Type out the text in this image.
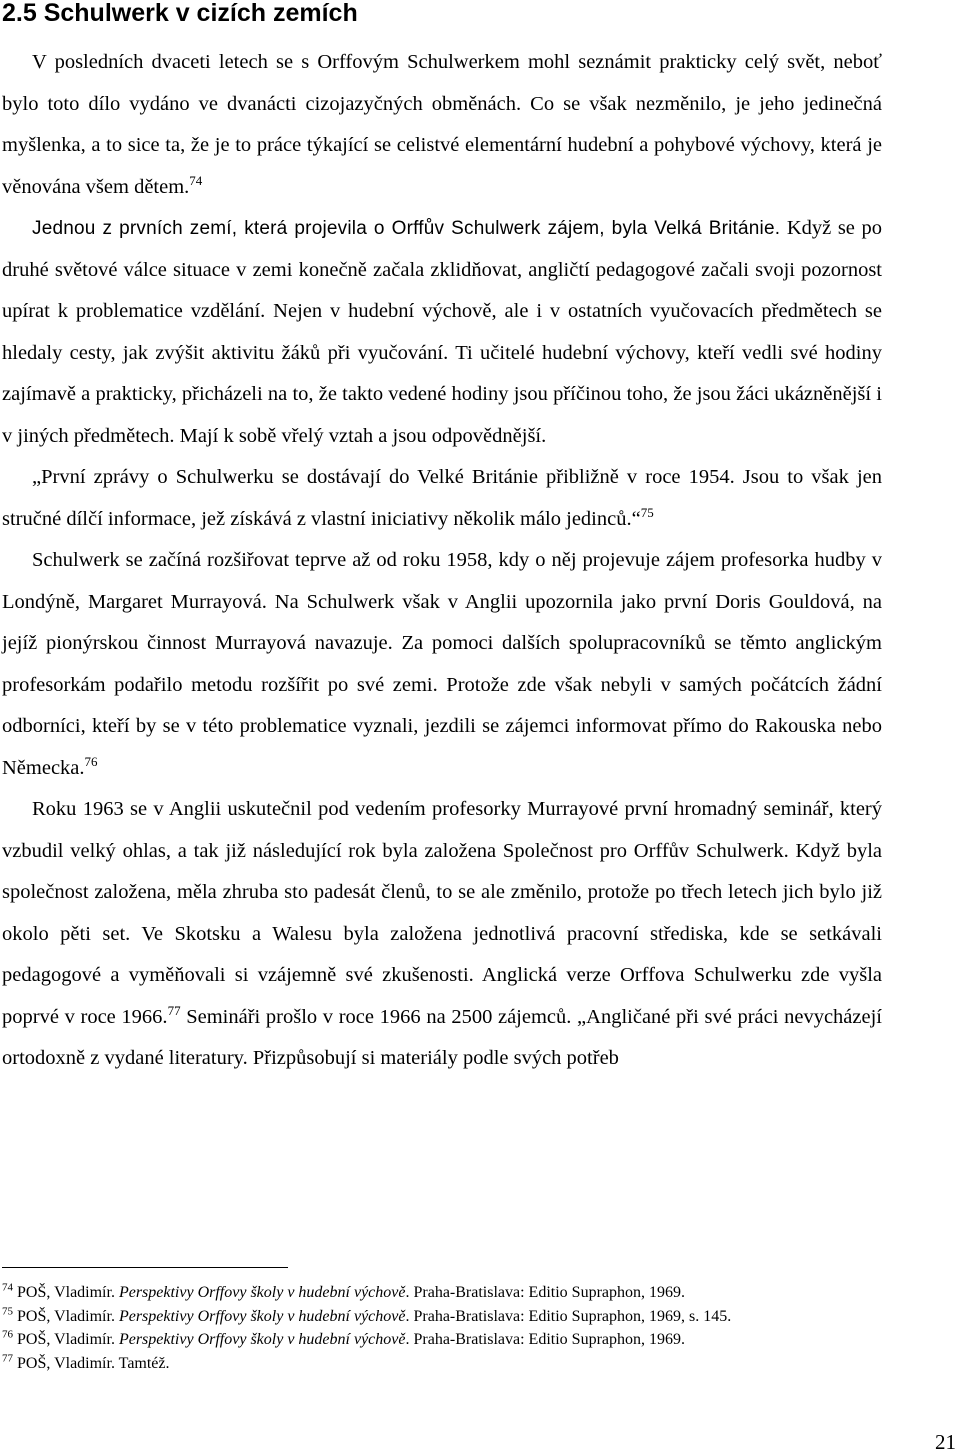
2.5 Schulwerk v cizích zemích

V posledních dvaceti letech se s Orffovým Schulwerkem mohl seznámit prakticky celý svět, neboť bylo toto dílo vydáno ve dvanácti cizojazyčných obměnách. Co se však nezměnilo, je jeho jedinečná myšlenka, a to sice ta, že je to práce týkající se celistvé elementární hudební a pohybové výchovy, která je věnována všem dětem.$^{74}$

Jednou z prvních zemí, která projevila o Orffův Schulwerk zájem, byla Velká Británie. Když se po druhé světové válce situace v zemi konečně začala zklidňovat, angličtí pedagogové začali svoji pozornost upírat k problematice vzdělání. Nejen v hudební výchově, ale i v ostatních vyučovacích předmětech se hledaly cesty, jak zvýšit aktivitu žáků při vyučování. Ti učitelé hudební výchovy, kteří vedli své hodiny zajímavě a prakticky, přicházeli na to, že takto vedené hodiny jsou příčinou toho, že jsou žáci ukázněnější i v jiných předmětech. Mají k sobě vřelý vztah a jsou odpovědnější.

„První zprávy o Schulwerku se dostávají do Velké Británie přibližně v roce 1954. Jsou to však jen stručné dílčí informace, jež získává z vlastní iniciativy několik málo jedinců.“$^{75}$

Schulwerk se začíná rozšiřovat teprve až od roku 1958, kdy o něj projevuje zájem profesorka hudby v Londýně, Margaret Murrayová. Na Schulwerk však v Anglii upozornila jako první Doris Gouldová, na jejíž pionýrskou činnost Murrayová navazuje. Za pomoci dalších spolupracovníků se těmto anglickým profesorkám podařilo metodu rozšířit po své zemi. Protože zde však nebyli v samých počátcích žádní odborníci, kteří by se v této problematice vyznali, jezdili se zájemci informovat přímo do Rakouska nebo Německa.$^{76}$

Roku 1963 se v Anglii uskutečnil pod vedením profesorky Murrayové první hromadný seminář, který vzbudil velký ohlas, a tak již následující rok byla založena Společnost pro Orffův Schulwerk. Když byla společnost založena, měla zhruba sto padesát členů, to se ale změnilo, protože po třech letech jich bylo již okolo pěti set. Ve Skotsku a Walesu byla založena jednotlivá pracovní střediska, kde se setkávali pedagogové a vyměňovali si vzájemně své zkušenosti. Anglická verze Orffova Schulwerku zde vyšla poprvé v roce 1966.77 Semináři prošlo v roce 1966 na 2500 zájemců. „Angličané při své práci nevycházejí ortodoxně z vydané literatury. Přizpůsobují si materiály podle svých potřeb

$^{74}$ POŠ, Vladimír. Perspektivy Orffovy školy v hudební výchově. Praha-Bratislava: Editio Supraphon, 1969.

$^{75}$ POŠ, Vladimír. Perspektivy Orffovy školy v hudební výchově. Praha-Bratislava: Editio Supraphon, 1969, s. 145.

$^{76}$ POŠ, Vladimír. Perspektivy Orffovy školy v hudební výchově. Praha-Bratislava: Editio Supraphon, 1969.

$^{77}$ POŠ, Vladimír. Tamtéž.

21
